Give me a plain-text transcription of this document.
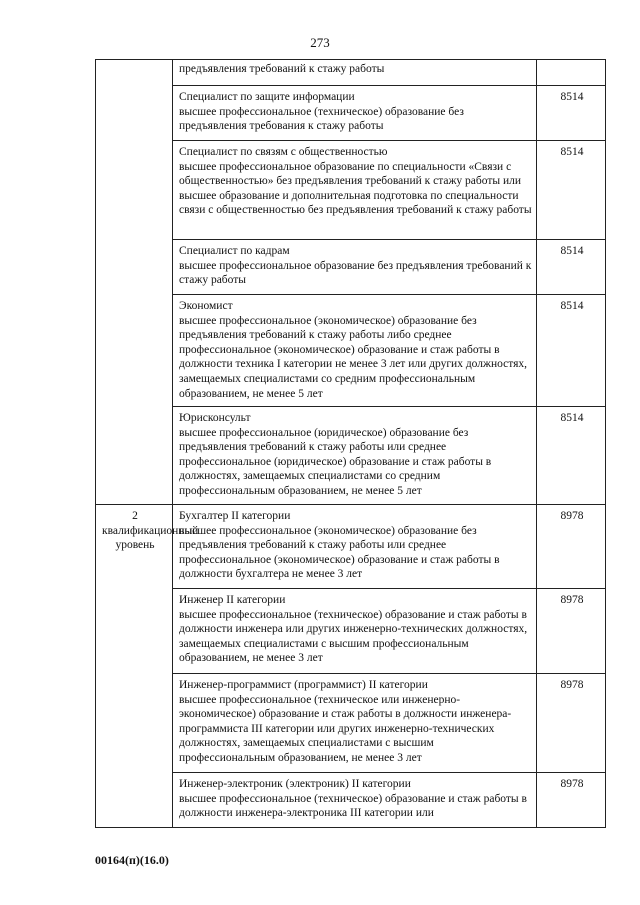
273

	предъявления требований к стажу работы	

	Специалист по защите информации
высшее профессиональное (техническое) образование без предъявления требования к стажу работы	8514

	Специалист по связям с общественностью
высшее профессиональное образование по специальности «Связи с общественностью» без предъявления требований к стажу работы или высшее образование и дополнительная подготовка по специальности связи с общественностью без предъявления требований к стажу работы	8514

	Специалист по кадрам
высшее профессиональное образование без предъявления требований к стажу работы	8514

	Экономист
высшее профессиональное (экономическое) образование без предъявления требований к стажу работы либо среднее профессиональное (экономическое) образование и стаж работы в должности техника I категории не менее 3 лет или других должностях, замещаемых специалистами со средним профессиональным образованием, не менее 5 лет	8514

	Юрисконсульт
высшее профессиональное (юридическое) образование без предъявления требований к стажу работы или среднее профессиональное (юридическое) образование и стаж работы в должностях, замещаемых специалистами со средним профессиональным образованием, не менее 5 лет	8514
2 квалификационный уровень	Бухгалтер II категории
высшее профессиональное (экономическое) образование без предъявления требований к стажу работы или среднее профессиональное (экономическое) образование и стаж работы в должности бухгалтера не менее 3 лет	8978

	Инженер II категории
высшее профессиональное (техническое) образование и стаж работы в должности инженера или других инженерно-технических должностях, замещаемых специалистами с высшим профессиональным образованием, не менее 3 лет	8978

	Инженер-программист (программист) II категории
высшее профессиональное (техническое или инженерно-экономическое) образование и стаж работы в должности инженера-программиста III категории или других инженерно-технических должностях, замещаемых специалистами с высшим профессиональным образованием, не менее 3 лет	8978

	Инженер-электроник (электроник) II категории
высшее профессиональное (техническое) образование и стаж работы в должности инженера-электроника III категории или	8978
00164(п)(16.0)
